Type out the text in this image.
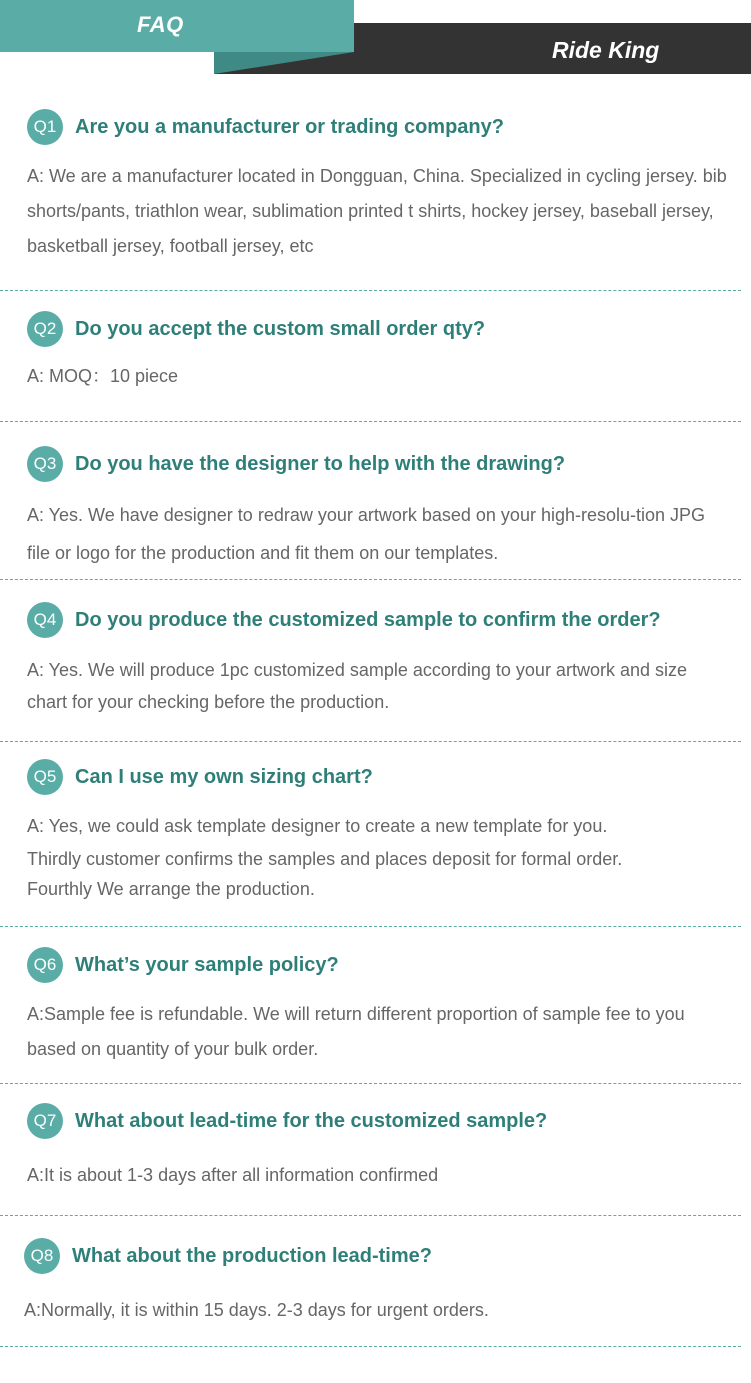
FAQ
Ride King
Q1 Are you a manufacturer or trading company?
A: We are a manufacturer located in Dongguan, China. Specialized in cycling jersey. bib shorts/pants, triathlon wear, sublimation printed t shirts, hockey jersey, baseball jersey, basketball jersey, football jersey, etc
Q2 Do you accept the custom small order qty?
A: MOQ：10 piece
Q3 Do you have the designer to help with the drawing?
A: Yes. We have designer to redraw your artwork based on your high-resolu-tion JPG file or logo for the production and fit them on our templates.
Q4 Do you produce the customized sample to confirm the order?
A: Yes. We will produce 1pc customized sample according to your artwork and size chart for your checking before the production.
Q5 Can I use my own sizing chart?
A: Yes, we could ask template designer to create a new template for you.
Thirdly customer confirms the samples and places deposit for formal order.
Fourthly We arrange the production.
Q6 What’s your sample policy?
A:Sample fee is refundable. We will return different proportion of sample fee to you based on quantity of your bulk order.
Q7 What about lead-time for the customized sample?
A:It is about 1-3 days after all information confirmed
Q8 What about the production lead-time?
A:Normally, it is within 15 days. 2-3 days for urgent orders.
